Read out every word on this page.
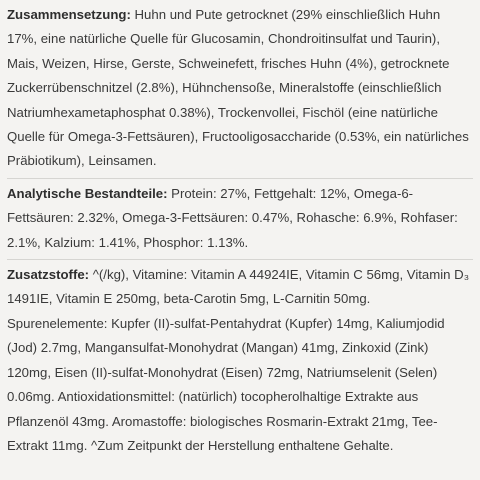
Zusammensetzung: Huhn und Pute getrocknet (29% einschließlich Huhn 17%, eine natürliche Quelle für Glucosamin, Chondroitinsulfat und Taurin), Mais, Weizen, Hirse, Gerste, Schweinefett, frisches Huhn (4%), getrocknete Zuckerrübenschnitzel (2.8%), Hühnchensoße, Mineralstoffe (einschließlich Natriumhexametaphosphat 0.38%), Trockenvollei, Fischöl (eine natürliche Quelle für Omega-3-Fettsäuren), Fructooligosaccharide (0.53%, ein natürliches Präbiotikum), Leinsamen.

Analytische Bestandteile: Protein: 27%, Fettgehalt: 12%, Omega-6-Fettsäuren: 2.32%, Omega-3-Fettsäuren: 0.47%, Rohasche: 6.9%, Rohfaser: 2.1%, Kalzium: 1.41%, Phosphor: 1.13%.

Zusatzstoffe: ^(/kg), Vitamine: Vitamin A 44924IE, Vitamin C 56mg, Vitamin D₃ 1491IE, Vitamin E 250mg, beta-Carotin 5mg, L-Carnitin 50mg. Spurenelemente: Kupfer (II)-sulfat-Pentahydrat (Kupfer) 14mg, Kaliumjodid (Jod) 2.7mg, Mangansulfat-Monohydrat (Mangan) 41mg, Zinkoxid (Zink) 120mg, Eisen (II)-sulfat-Monohydrat (Eisen) 72mg, Natriumselenit (Selen) 0.06mg. Antioxidationsmittel: (natürlich) tocopherolhaltige Extrakte aus Pflanzenöl 43mg. Aromastoffe: biologisches Rosmarin-Extrakt 21mg, Tee-Extrakt 11mg. ^Zum Zeitpunkt der Herstellung enthaltene Gehalte.
